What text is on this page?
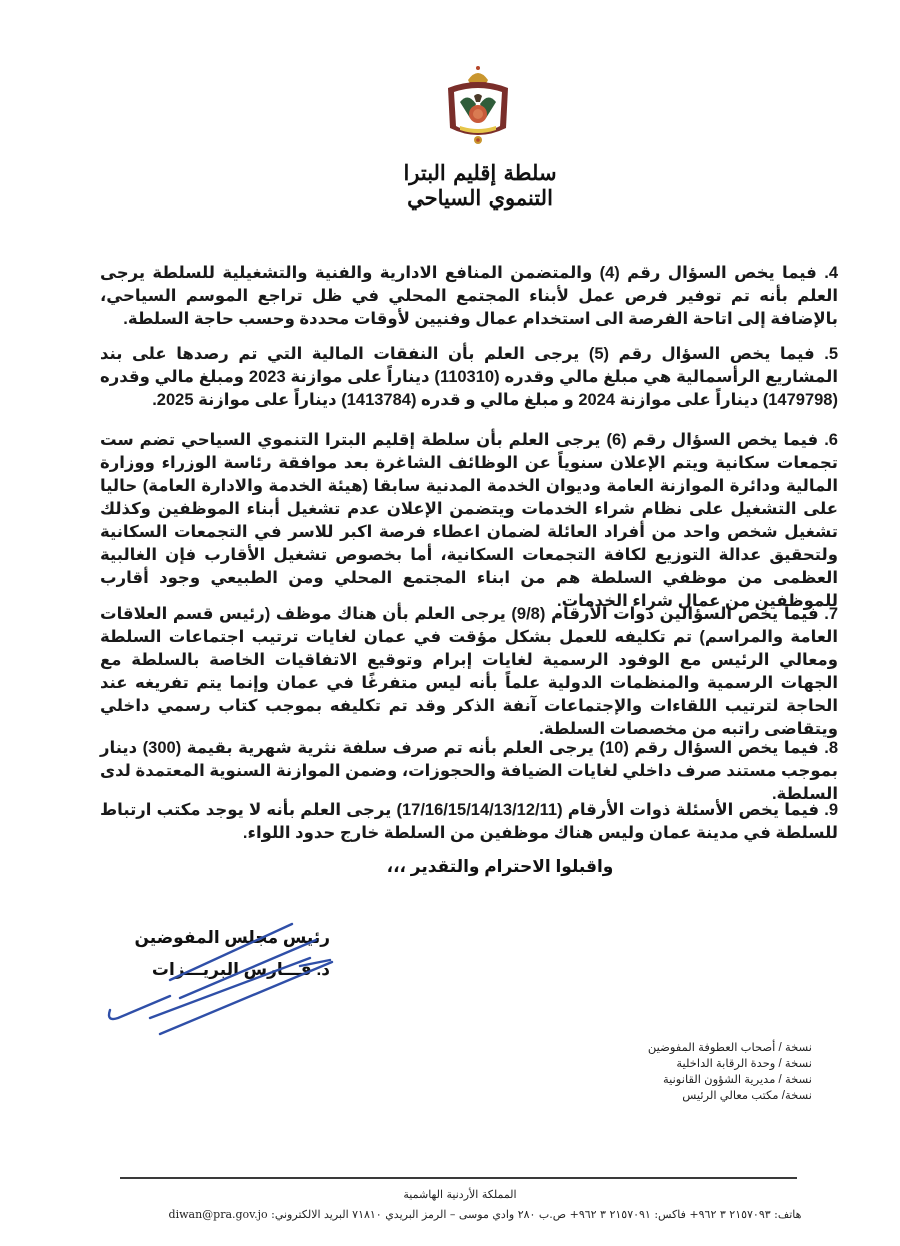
سلطة إقليم البترا التنموي السياحي

4. فيما يخص السؤال رقم (4) والمتضمن المنافع الادارية والفنية والتشغيلية للسلطة يرجى العلم بأنه تم توفير فرص عمل لأبناء المجتمع المحلي في ظل تراجع الموسم السياحي، بالإضافة إلى اتاحة الفرصة الى استخدام عمال وفنيين لأوقات محددة وحسب حاجة السلطة.

5. فيما يخص السؤال رقم (5) يرجى العلم بأن النفقات المالية التي تم رصدها على بند المشاريع الرأسمالية هي مبلغ مالي وقدره (110310) ديناراً على موازنة 2023 ومبلغ مالي وقدره (1479798) ديناراً على موازنة 2024 و مبلغ مالي و قدره (1413784) ديناراً على موازنة 2025.

6. فيما يخص السؤال رقم (6) يرجى العلم بأن سلطة إقليم البترا التنموي السياحي تضم ست تجمعات سكانية ويتم الإعلان سنوياً عن الوظائف الشاغرة بعد موافقة رئاسة الوزراء ووزارة المالية ودائرة الموازنة العامة وديوان الخدمة المدنية سابقا (هيئة الخدمة والادارة العامة) حاليا على التشغيل على نظام شراء الخدمات ويتضمن الإعلان عدم تشغيل أبناء الموظفين وكذلك تشغيل شخص واحد من أفراد العائلة لضمان اعطاء فرصة اكبر للاسر في التجمعات السكانية ولتحقيق عدالة التوزيع لكافة التجمعات السكانية، أما بخصوص تشغيل الأقارب فإن الغالبية العظمى من موظفي السلطة هم من ابناء المجتمع المحلي ومن الطبيعي وجود أقارب للموظفين من عمال شراء الخدمات.

7. فيما يخص السؤالين ذوات الأرقام (9/8) يرجى العلم بأن هناك موظف (رئيس قسم العلاقات العامة والمراسم) تم تكليفه للعمل بشكل مؤقت في عمان لغايات ترتيب اجتماعات السلطة ومعالي الرئيس مع الوفود الرسمية لغايات إبرام وتوقيع الاتفاقيات الخاصة بالسلطة مع الجهات الرسمية والمنظمات الدولية علماً بأنه ليس متفرغًا في عمان وإنما يتم تفريغه عند الحاجة لترتيب اللقاءات والإجتماعات آنفة الذكر وقد تم تكليفه بموجب كتاب رسمي داخلي ويتقاضى راتبه من مخصصات السلطة.

8. فيما يخص السؤال رقم (10) يرجى العلم بأنه تم صرف سلفة نثرية شهرية بقيمة (300) دينار بموجب مستند صرف داخلي لغايات الضيافة والحجوزات، وضمن الموازنة السنوية المعتمدة لدى السلطة.

9. فيما يخص الأسئلة ذوات الأرقام (17/16/15/14/13/12/11) يرجى العلم بأنه لا يوجد مكتب ارتباط للسلطة في مدينة عمان وليس هناك موظفين من السلطة خارج حدود اللواء.

واقبلوا الاحترام والتقدير ،،،
رئيس مجلس المفوضين
د. فـــارس البريـــزات
نسخة / أصحاب العطوفة المفوضين
نسخة / وحدة الرقابة الداخلية
نسخة / مديرية الشؤون القانونية
نسخة/ مكتب معالي الرئيس
المملكة الأردنية الهاشمية
هاتف: ٢١٥٧٠٩٣ ٣ ٩٦٢+ فاكس: ٢١٥٧٠٩١ ٣ ٩٦٢+ ص.ب ٢٨٠ وادي موسى – الرمز البريدي ٧١٨١٠ البريد الالكتروني: diwan@pra.gov.jo
